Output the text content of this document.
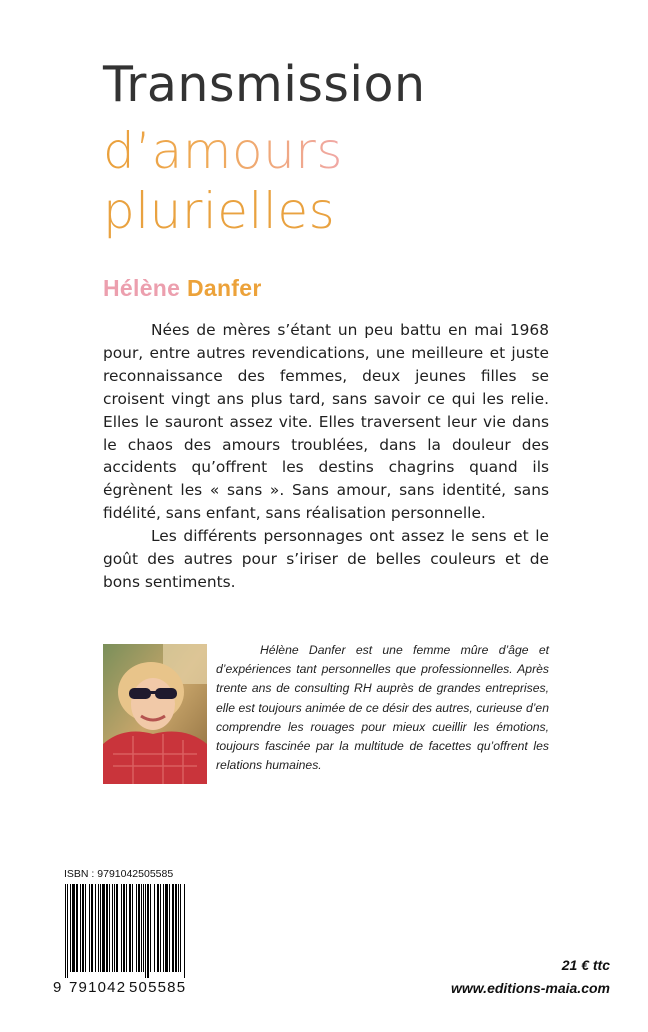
Transmission
d’amours
plurielles
Hélène Danfer

Nées de mères s’étant un peu battu en mai 1968 pour, entre autres revendications, une meilleure et juste reconnaissance des femmes, deux jeunes filles se croisent vingt ans plus tard, sans savoir ce qui les relie. Elles le sauront assez vite. Elles traversent leur vie dans le chaos des amours troublées, dans la douleur des accidents qu’offrent les destins chagrins quand ils égrènent les « sans ». Sans amour, sans identité, sans fidélité, sans enfant, sans réalisation personnelle.

Les différents personnages ont assez le sens et le goût des autres pour s’iriser de belles couleurs et de bons sentiments.

Hélène Danfer est une femme mûre d’âge et d’expériences tant personnelles que professionnelles. Après trente ans de consulting RH auprès de grandes entreprises, elle est toujours animée de ce désir des autres, curieuse d’en comprendre les rouages pour mieux cueillir les émotions, toujours fascinée par la multitude de facettes qu’offrent les relations humaines.

ISBN : 9791042505585
9 791042 505585
21 € ttc
www.editions-maia.com
